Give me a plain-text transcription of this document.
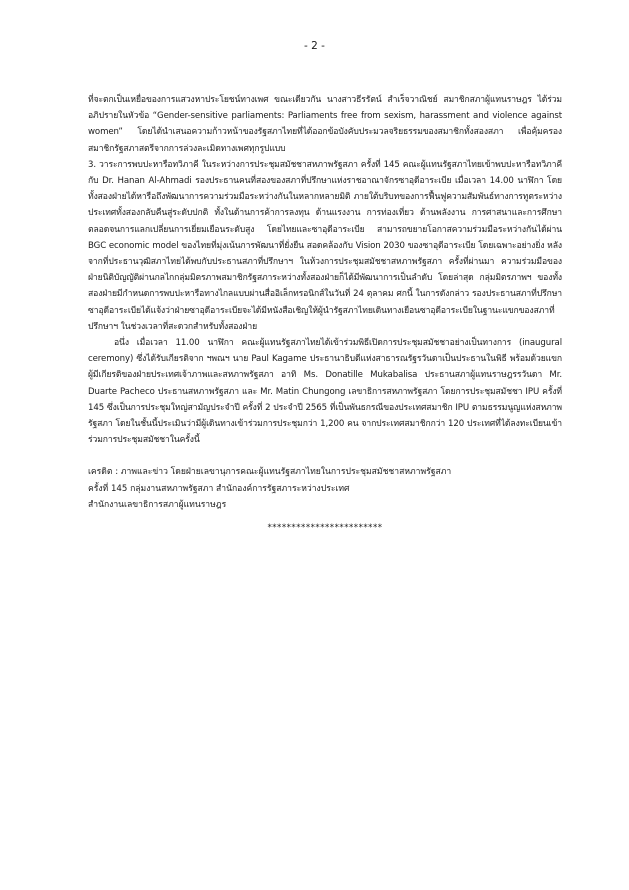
- 2 -

ที่จะตกเป็นเหยื่อของการแสวงหาประโยชน์ทางเพศ ขณะเดียวกัน นางสาวธีรรัตน์ สำเร็จวาณิชย์ สมาชิกสภาผู้แทนราษฎร ได้ร่วมอภิปรายในหัวข้อ “Gender-sensitive parliaments: Parliaments free from sexism, harassment and violence against women” โดยได้นำเสนอความก้าวหน้าของรัฐสภาไทยที่ได้ออกข้อบังคับประมวลจริยธรรมของสมาชิกทั้งสองสภา เพื่อคุ้มครองสมาชิกรัฐสภาสตรีจากการล่วงละเมิดทางเพศทุกรูปแบบ

3. วาระการพบปะหารือทวิภาคี ในระหว่างการประชุมสมัชชาสหภาพรัฐสภา ครั้งที่ 145 คณะผู้แทนรัฐสภาไทยเข้าพบปะหารือทวิภาคีกับ Dr. Hanan Al-Ahmadi รองประธานคนที่สองของสภาที่ปรึกษาแห่งราชอาณาจักรซาอุดีอาระเบีย เมื่อเวลา 14.00 นาฬิกา โดยทั้งสองฝ่ายได้หารือถึงพัฒนาการความร่วมมือระหว่างกันในหลากหลายมิติ ภายใต้บริบทของการฟื้นฟูความสัมพันธ์ทางการทูตระหว่างประเทศทั้งสองกลับคืนสู่ระดับปกติ ทั้งในด้านการค้าการลงทุน ด้านแรงงาน การท่องเที่ยว ด้านพลังงาน การศาสนาและการศึกษา ตลอดจนการแลกเปลี่ยนการเยี่ยมเยือนระดับสูง โดยไทยและซาอุดีอาระเบีย สามารถขยายโอกาสความร่วมมือระหว่างกันได้ผ่าน BGC economic model ของไทยที่มุ่งเน้นการพัฒนาที่ยั่งยืน สอดคล้องกับ Vision 2030 ของซาอุดีอาระเบีย โดยเฉพาะอย่างยิ่ง หลังจากที่ประธานวุฒิสภาไทยได้พบกับประธานสภาที่ปรึกษาฯ ในห้วงการประชุมสมัชชาสหภาพรัฐสภา ครั้งที่ผ่านมา ความร่วมมือของฝ่ายนิติบัญญัติผ่านกลไกกลุ่มมิตรภาพสมาชิกรัฐสภาระหว่างทั้งสองฝ่ายก็ได้มีพัฒนาการเป็นลำดับ โดยล่าสุด กลุ่มมิตรภาพฯ ของทั้งสองฝ่ายมีกำหนดการพบปะหารือทางไกลแบบผ่านสื่ออิเล็กทรอนิกส์ในวันที่ 24 ตุลาคม ศกนี้ ในการดังกล่าว รองประธานสภาที่ปรึกษาซาอุดีอาระเบียได้แจ้งว่าฝ่ายซาอุดีอาระเบียจะได้มีหนังสือเชิญให้ผู้นำรัฐสภาไทยเดินทางเยือนซาอุดีอาระเบียในฐานะแขกของสภาที่ปรึกษาฯ ในช่วงเวลาที่สะดวกสำหรับทั้งสองฝ่าย

อนึ่ง เมื่อเวลา 11.00 นาฬิกา คณะผู้แทนรัฐสภาไทยได้เข้าร่วมพิธีเปิดการประชุมสมัชชาอย่างเป็นทางการ (inaugural ceremony) ซึ่งได้รับเกียรติจาก ฯพณฯ นาย Paul Kagame ประธานาธิบดีแห่งสาธารณรัฐรวันดาเป็นประธานในพิธี พร้อมด้วยแขกผู้มีเกียรติของฝ่ายประเทศเจ้าภาพและสหภาพรัฐสภา อาทิ Ms. Donatille Mukabalisa ประธานสภาผู้แทนราษฎรรวันดา Mr. Duarte Pacheco ประธานสหภาพรัฐสภา และ Mr. Matin Chungong เลขาธิการสหภาพรัฐสภา โดยการประชุมสมัชชา IPU ครั้งที่ 145 ซึ่งเป็นการประชุมใหญ่สามัญประจำปี ครั้งที่ 2 ประจำปี 2565 ที่เป็นพันธกรณีของประเทศสมาชิก IPU ตามธรรมนูญแห่งสหภาพรัฐสภา โดยในชั้นนี้ประเมินว่ามีผู้เดินทางเข้าร่วมการประชุมกว่า 1,200 คน จากประเทศสมาชิกกว่า 120 ประเทศที่ได้ลงทะเบียนเข้าร่วมการประชุมสมัชชาในครั้งนี้

เครดิต : ภาพและข่าว โดยฝ่ายเลขานุการคณะผู้แทนรัฐสภาไทยในการประชุมสมัชชาสหภาพรัฐสภา
ครั้งที่ 145 กลุ่มงานสหภาพรัฐสภา สำนักองค์การรัฐสภาระหว่างประเทศ
สำนักงานเลขาธิการสภาผู้แทนราษฎร
************************
